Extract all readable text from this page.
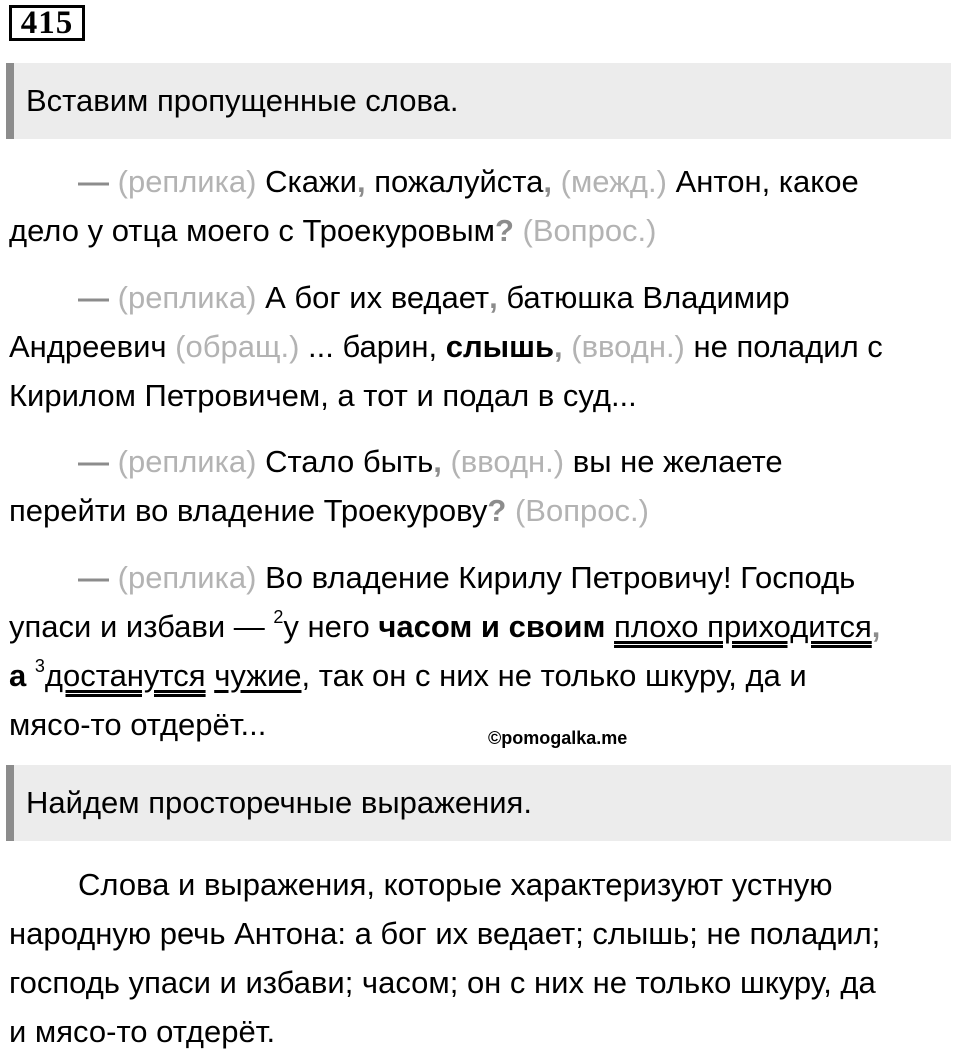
415
Вставим пропущенные слова.
— (реплика) Скажи, пожалуйста, (межд.) Антон, какое
дело у отца моего с Троекуровым? (Вопрос.)
— (реплика) А бог их ведает, батюшка Владимир
Андреевич (обращ.) ... барин, слышь, (вводн.) не поладил с
Кирилом Петровичем, а тот и подал в суд...
— (реплика) Стало быть, (вводн.) вы не желаете
перейти во владение Троекурову? (Вопрос.)
— (реплика) Во владение Кирилу Петровичу! Господь
упаси и избави — $^2$у него часом и своим плохо приходится,
а $^3$достанутся чужие, так он с них не только шкуру, да и
мясо-то отдерёт...	©pomogalka.me
Найдем просторечные выражения.
Слова и выражения, которые характеризуют устную
народную речь Антона: а бог их ведает; слышь; не поладил;
господь упаси и избави; часом; он с них не только шкуру, да
и мясо-то отдерёт.
